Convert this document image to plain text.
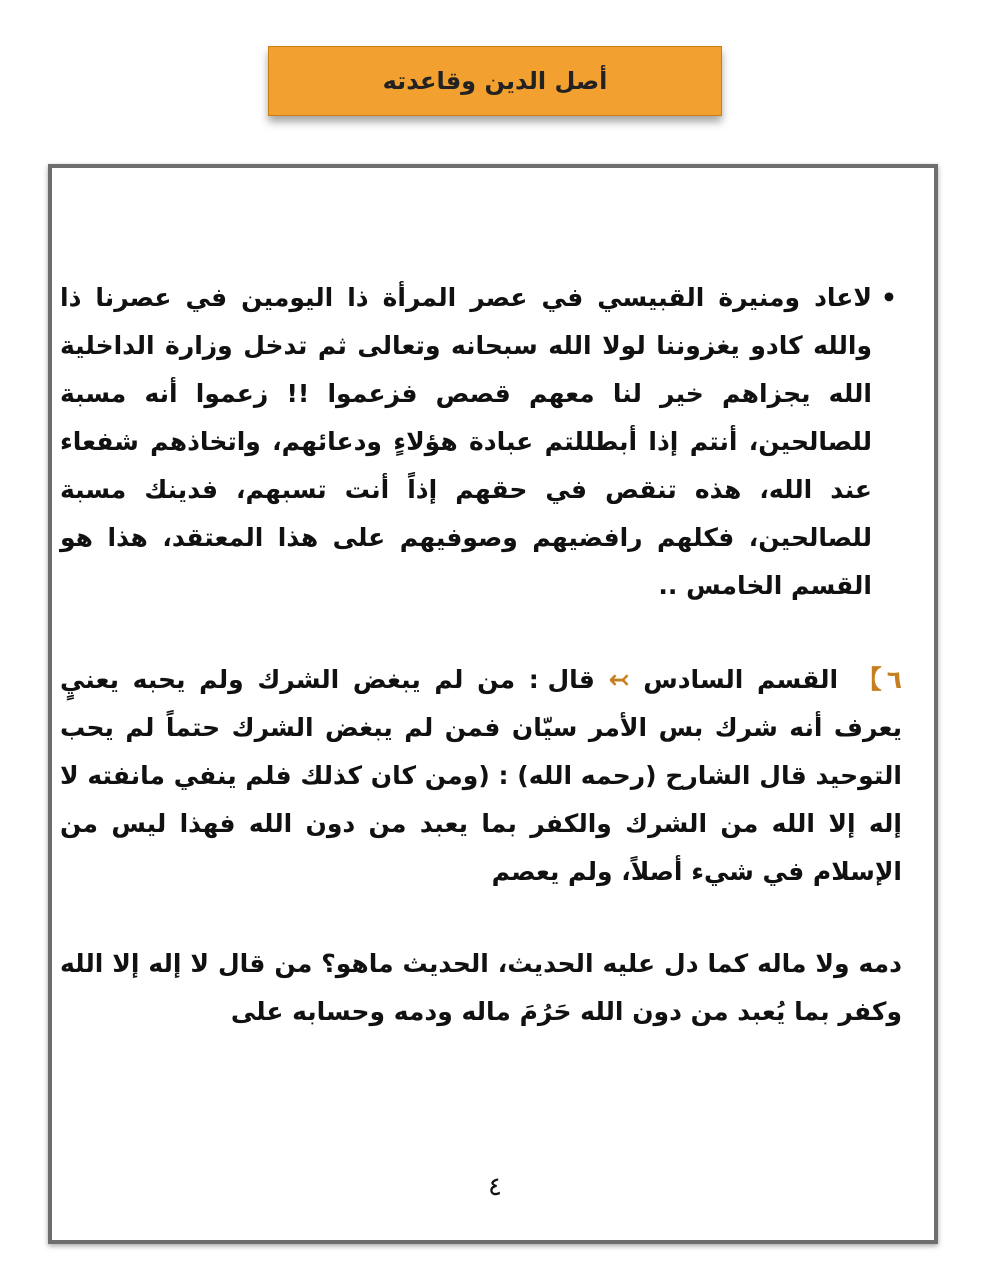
أصل الدين وقاعدته
•
لاعاد ومنيرة القبيسي في عصر المرأة ذا اليومين في عصرنا ذا والله كادو يغزوننا لولا الله سبحانه وتعالى ثم تدخل وزارة الداخلية الله يجزاهم خير لنا معهم قصص فزعموا !! زعموا أنه مسبة للصالحين، أنتم إذا أبطللتم عبادة هؤلاءٍ ودعائهم، واتخاذهم شفعاء عند الله، هذه تنقص في حقهم إذاً أنت تسبهم، فدينك مسبة للصالحين، فكلهم رافضيهم وصوفيهم على هذا المعتقد، هذا هو القسم الخامس ..
٦】 القسم السادس ↢ قال : من لم يبغض الشرك ولم يحبه يعنيٍ يعرف أنه شرك بس الأمر سيّان فمن لم يبغض الشرك حتماً لم يحب التوحيد قال الشارح (رحمه الله) : (ومن كان كذلك فلم ينفي مانفته لا إله إلا الله من الشرك والكفر بما يعبد من دون الله فهذا ليس من الإسلام في شيء أصلاً، ولم يعصم
دمه ولا ماله كما دل عليه الحديث، الحديث ماهو؟ من قال لا إله إلا الله وكفر بما يُعبد من دون الله حَرُمَ ماله ودمه وحسابه على
٤
